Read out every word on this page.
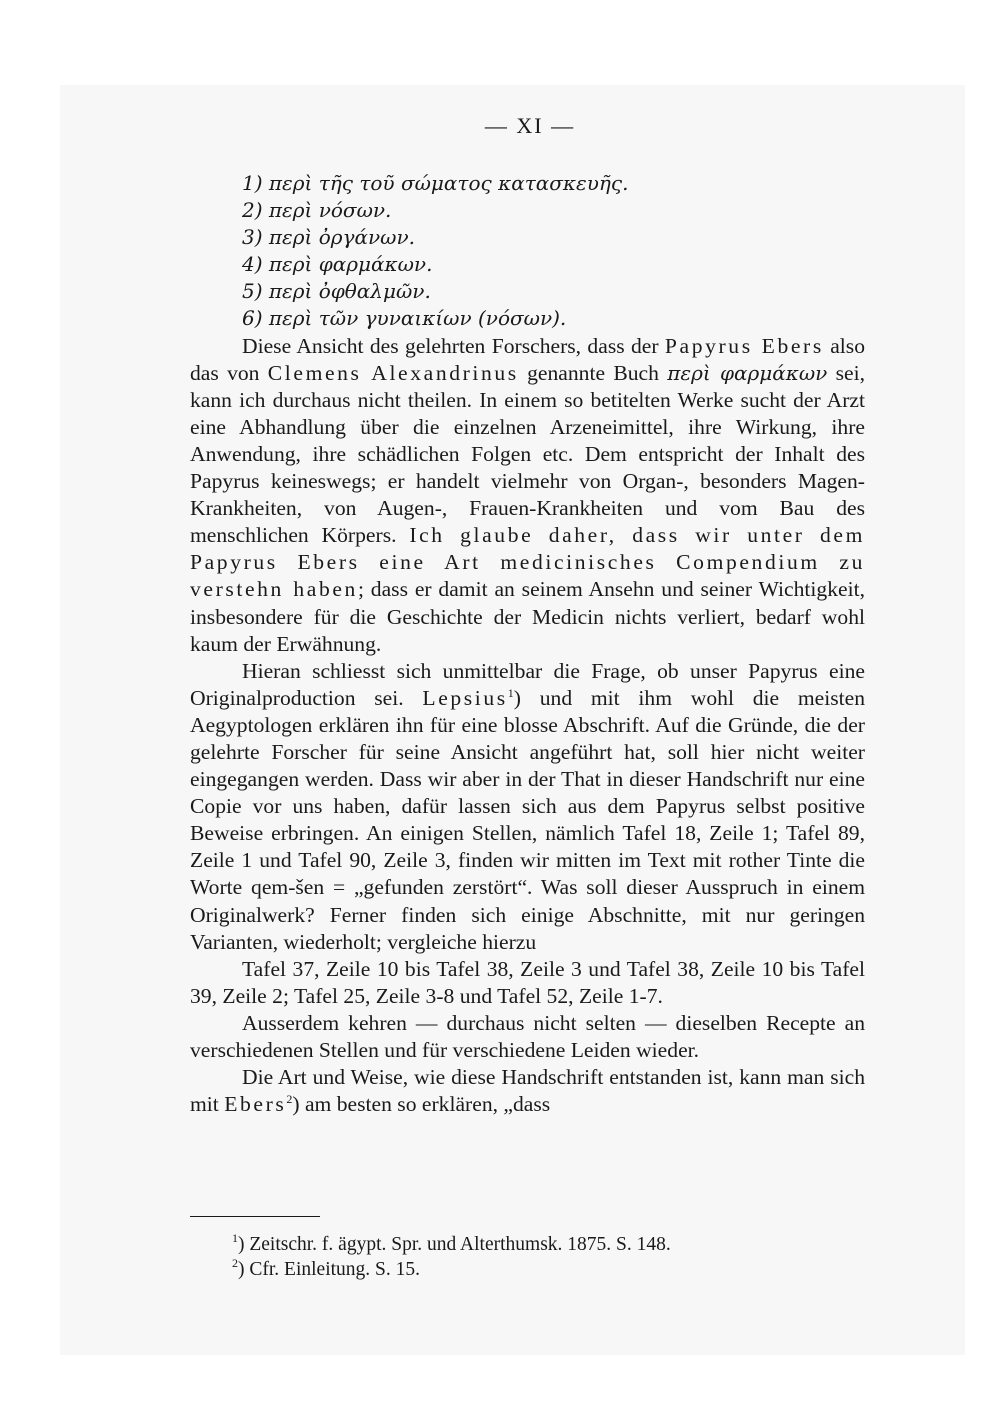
— XI —
1) περὶ τῆς τοῦ σώματος κατασκευῆς.
2) περὶ νόσων.
3) περὶ ὀργάνων.
4) περὶ φαρμάκων.
5) περὶ ὀφθαλμῶν.
6) περὶ τῶν γυναικίων (νόσων).

Diese Ansicht des gelehrten Forschers, dass der Papyrus Ebers also das von Clemens Alexandrinus genannte Buch περὶ φαρμάκων sei, kann ich durchaus nicht theilen. In einem so betitelten Werke sucht der Arzt eine Abhandlung über die einzelnen Arzeneimittel, ihre Wirkung, ihre Anwendung, ihre schädlichen Folgen etc. Dem entspricht der Inhalt des Papyrus keineswegs; er handelt vielmehr von Organ-, besonders Magen-Krankheiten, von Augen-, Frauen-Krankheiten und vom Bau des menschlichen Körpers. Ich glaube daher, dass wir unter dem Papyrus Ebers eine Art medicinisches Compendium zu verstehn haben; dass er damit an seinem Ansehn und seiner Wichtigkeit, insbesondere für die Geschichte der Medicin nichts verliert, bedarf wohl kaum der Erwähnung.

Hieran schliesst sich unmittelbar die Frage, ob unser Papyrus eine Originalproduction sei. Lepsius$^1$) und mit ihm wohl die meisten Aegyptologen erklären ihn für eine blosse Abschrift. Auf die Gründe, die der gelehrte Forscher für seine Ansicht angeführt hat, soll hier nicht weiter eingegangen werden. Dass wir aber in der That in dieser Handschrift nur eine Copie vor uns haben, dafür lassen sich aus dem Papyrus selbst positive Beweise erbringen. An einigen Stellen, nämlich Tafel 18, Zeile 1; Tafel 89, Zeile 1 und Tafel 90, Zeile 3, finden wir mitten im Text mit rother Tinte die Worte qem-šen = „gefunden zerstört“. Was soll dieser Ausspruch in einem Originalwerk? Ferner finden sich einige Abschnitte, mit nur geringen Varianten, wiederholt; vergleiche hierzu

Tafel 37, Zeile 10 bis Tafel 38, Zeile 3 und Tafel 38, Zeile 10 bis Tafel 39, Zeile 2; Tafel 25, Zeile 3-8 und Tafel 52, Zeile 1-7.

Ausserdem kehren — durchaus nicht selten — dieselben Recepte an verschiedenen Stellen und für verschiedene Leiden wieder.

Die Art und Weise, wie diese Handschrift entstanden ist, kann man sich mit Ebers$^2$) am besten so erklären, „dass

$^1$) Zeitschr. f. ägypt. Spr. und Alterthumsk. 1875. S. 148.
$^2$) Cfr. Einleitung. S. 15.
